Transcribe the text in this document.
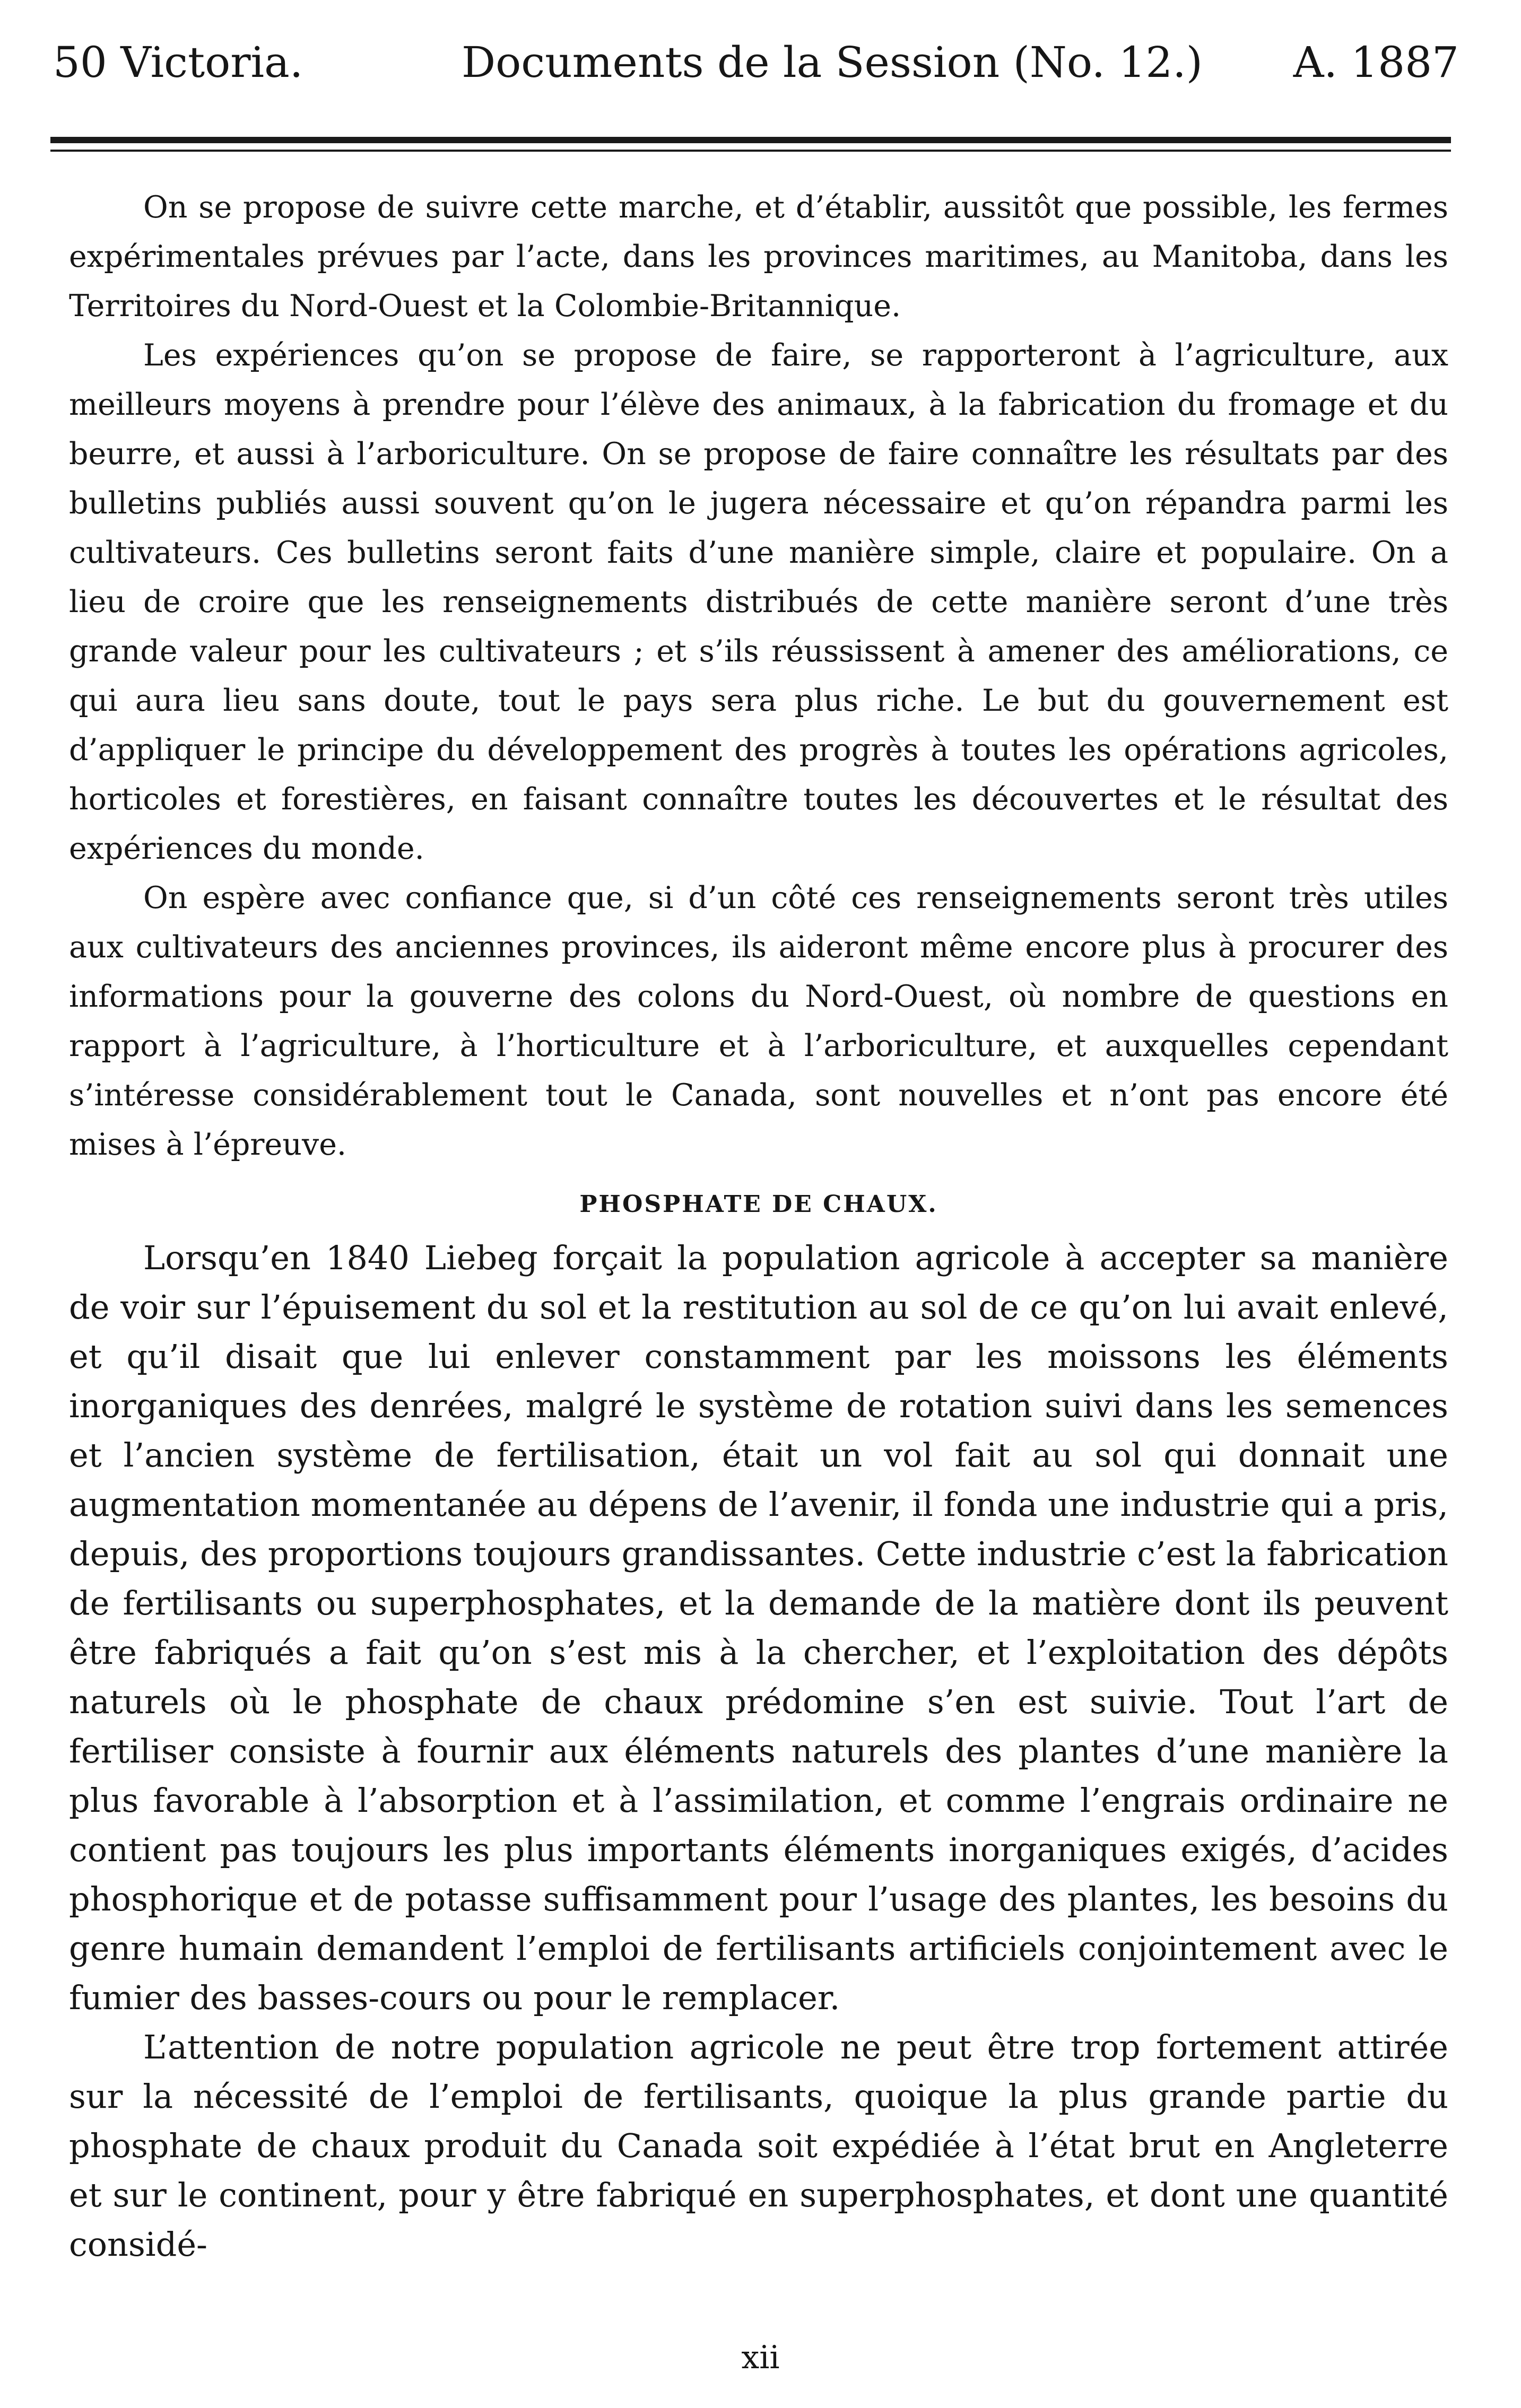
50 Victoria.	Documents de la Session (No. 12.) A. 1887

On se propose de suivre cette marche, et d’établir, aussitôt que possible, les fermes expérimentales prévues par l’acte, dans les provinces maritimes, au Manitoba, dans les Territoires du Nord-Ouest et la Colombie-Britannique.

Les expériences qu’on se propose de faire, se rapporteront à l’agriculture, aux meilleurs moyens à prendre pour l’élève des animaux, à la fabrication du fromage et du beurre, et aussi à l’arboriculture. On se propose de faire connaître les résultats par des bulletins publiés aussi souvent qu’on le jugera nécessaire et qu’on répandra parmi les cultivateurs. Ces bulletins seront faits d’une manière simple, claire et populaire. On a lieu de croire que les renseignements distribués de cette manière seront d’une très grande valeur pour les cultivateurs ; et s’ils réussissent à amener des améliorations, ce qui aura lieu sans doute, tout le pays sera plus riche. Le but du gouvernement est d’appliquer le principe du développement des progrès à toutes les opérations agricoles, horticoles et forestières, en faisant connaître toutes les découvertes et le résultat des expériences du monde.

On espère avec confiance que, si d’un côté ces renseignements seront très utiles aux cultivateurs des anciennes provinces, ils aideront même encore plus à procurer des informations pour la gouverne des colons du Nord-Ouest, où nombre de questions en rapport à l’agriculture, à l’horticulture et à l’arboriculture, et auxquelles cependant s’intéresse considérablement tout le Canada, sont nouvelles et n’ont pas encore été mises à l’épreuve.

PHOSPHATE DE CHAUX.

Lorsqu’en 1840 Liebeg forçait la population agricole à accepter sa manière de voir sur l’épuisement du sol et la restitution au sol de ce qu’on lui avait enlevé, et qu’il disait que lui enlever constamment par les moissons les éléments inorganiques des denrées, malgré le système de rotation suivi dans les semences et l’ancien système de fertilisation, était un vol fait au sol qui donnait une augmentation momentanée au dépens de l’avenir, il fonda une industrie qui a pris, depuis, des proportions toujours grandissantes. Cette industrie c’est la fabrication de fertilisants ou superphosphates, et la demande de la matière dont ils peuvent être fabriqués a fait qu’on s’est mis à la chercher, et l’exploitation des dépôts naturels où le phosphate de chaux prédomine s’en est suivie. Tout l’art de fertiliser consiste à fournir aux éléments naturels des plantes d’une manière la plus favorable à l’absorption et à l’assimilation, et comme l’engrais ordinaire ne contient pas toujours les plus importants éléments inorganiques exigés, d’acides phosphorique et de potasse suffisamment pour l’usage des plantes, les besoins du genre humain demandent l’emploi de fertilisants artificiels conjointement avec le fumier des basses-cours ou pour le remplacer.

L’attention de notre population agricole ne peut être trop fortement attirée sur la nécessité de l’emploi de fertilisants, quoique la plus grande partie du phosphate de chaux produit du Canada soit expédiée à l’état brut en Angleterre et sur le continent, pour y être fabriqué en superphosphates, et dont une quantité considé-

xii
